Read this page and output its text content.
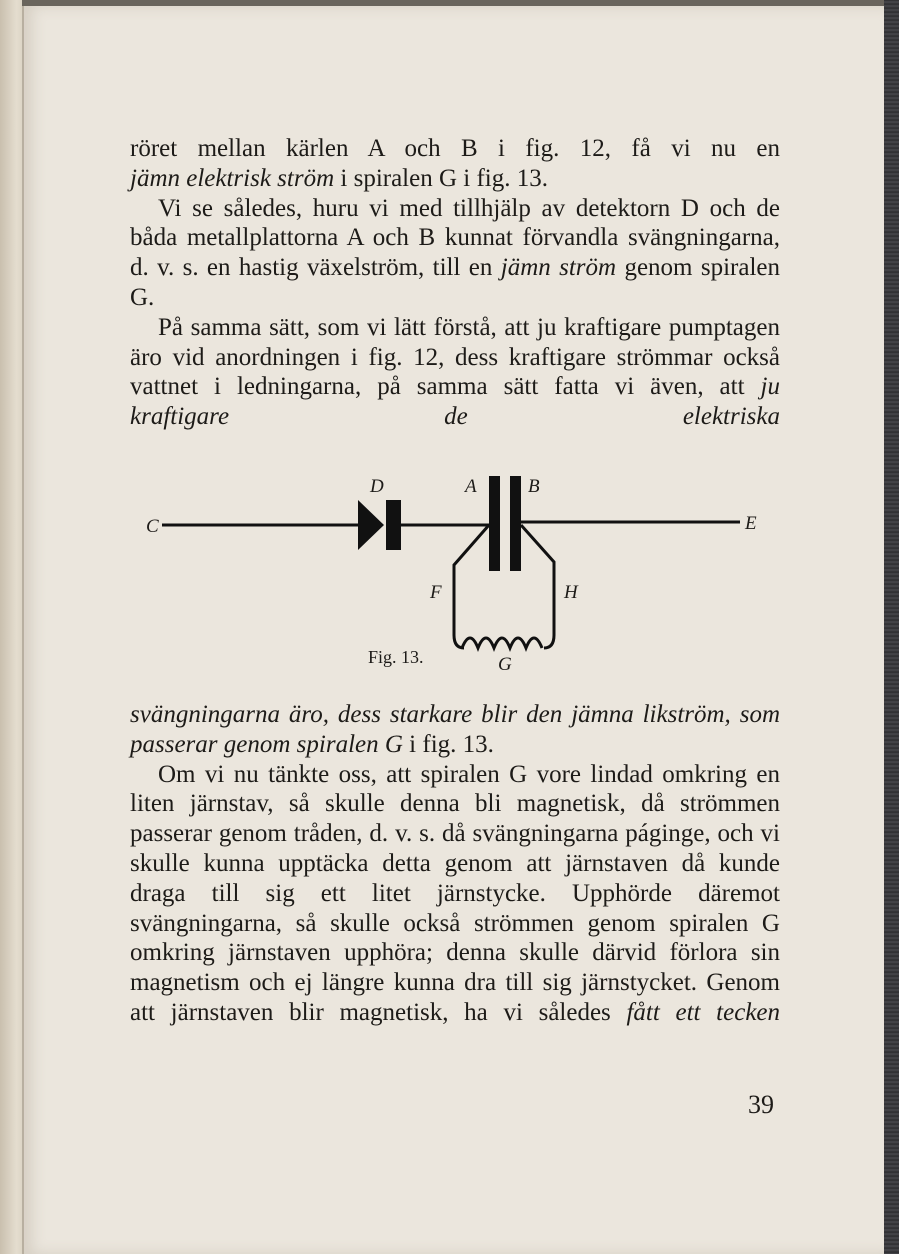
röret mellan kärlen A och B i fig. 12, få vi nu en

jämn elektrisk ström i spiralen G i fig. 13.

Vi se således, huru vi med tillhjälp av detektorn D och de båda metallplattorna A och B kunnat förvandla svängningarna, d. v. s. en hastig växelström, till en jämn ström genom spiralen G.

På samma sätt, som vi lätt förstå, att ju kraftigare pumptagen äro vid anordningen i fig. 12, dess kraftigare strömmar också vattnet i ledningarna, på samma sätt fatta vi även, att ju kraftigare de elektriska

C
D	A	B
E
F	H
G
Fig. 13.

svängningarna äro, dess starkare blir den jämna likström, som passerar genom spiralen G i fig. 13.

Om vi nu tänkte oss, att spiralen G vore lindad omkring en liten järnstav, så skulle denna bli magnetisk, då strömmen passerar genom tråden, d. v. s. då svängningarna páginge, och vi skulle kunna upptäcka detta genom att järnstaven då kunde draga till sig ett litet järnstycke. Upphörde däremot svängningarna, så skulle också strömmen genom spiralen G omkring järnstaven upphöra; denna skulle därvid förlora sin magnetism och ej längre kunna dra till sig järnstycket. Genom att järnstaven blir magnetisk, ha vi således fått ett tecken

39
